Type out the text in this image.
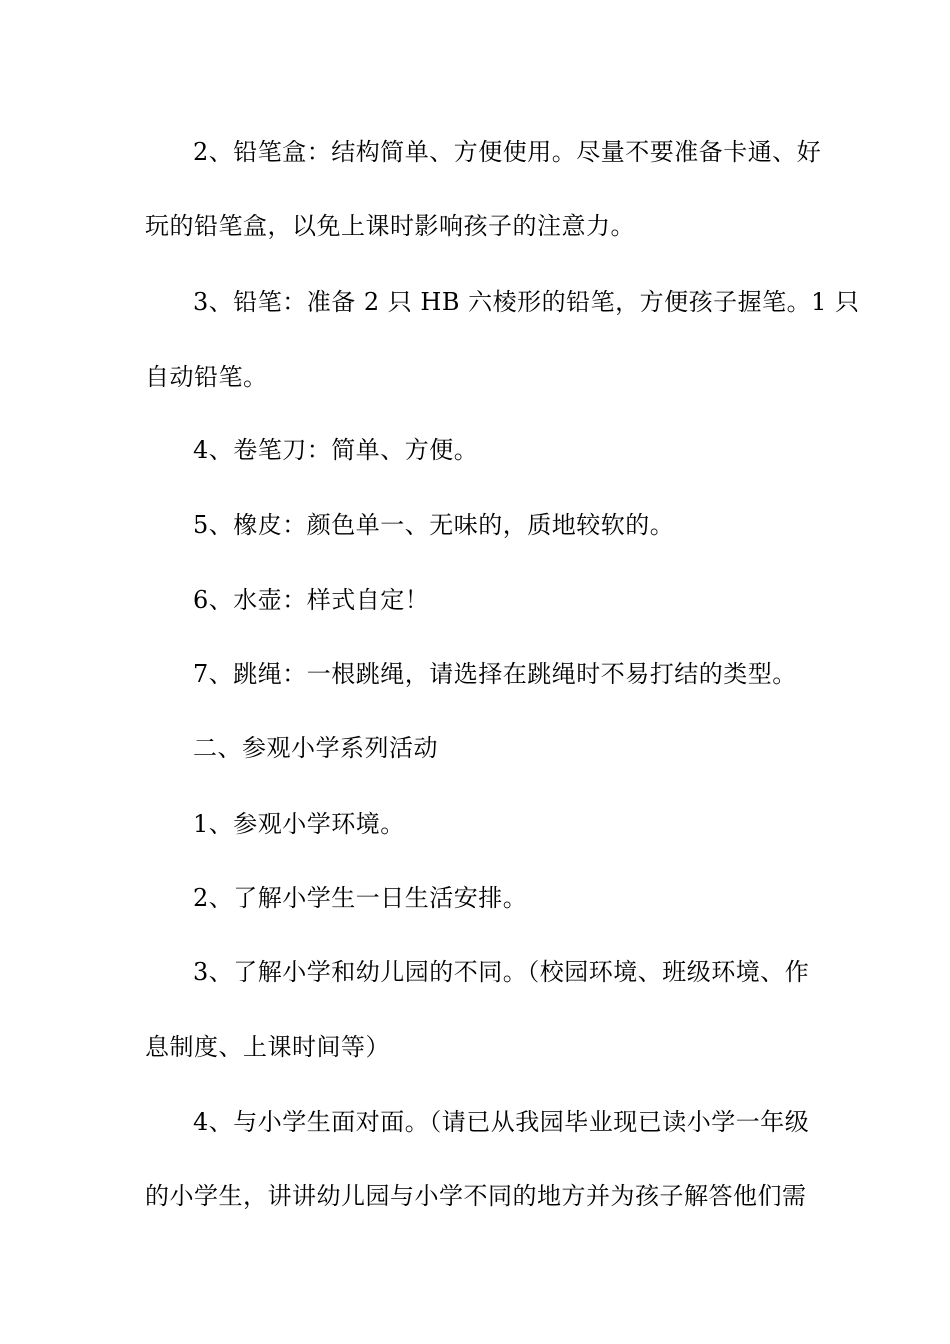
2、铅笔盒：结构简单、方便使用。尽量不要准备卡通、好
玩的铅笔盒，以免上课时影响孩子的注意力。
3、铅笔：准备 2 只 HB 六棱形的铅笔，方便孩子握笔。1 只
自动铅笔。
4、卷笔刀：简单、方便。
5、橡皮：颜色单一、无味的，质地较软的。
6、水壶：样式自定！
7、跳绳：一根跳绳，请选择在跳绳时不易打结的类型。
二、参观小学系列活动
1、参观小学环境。
2、了解小学生一日生活安排。
3、了解小学和幼儿园的不同。（校园环境、班级环境、作
息制度、上课时间等）
4、与小学生面对面。（请已从我园毕业现已读小学一年级
的小学生，讲讲幼儿园与小学不同的地方并为孩子解答他们需
